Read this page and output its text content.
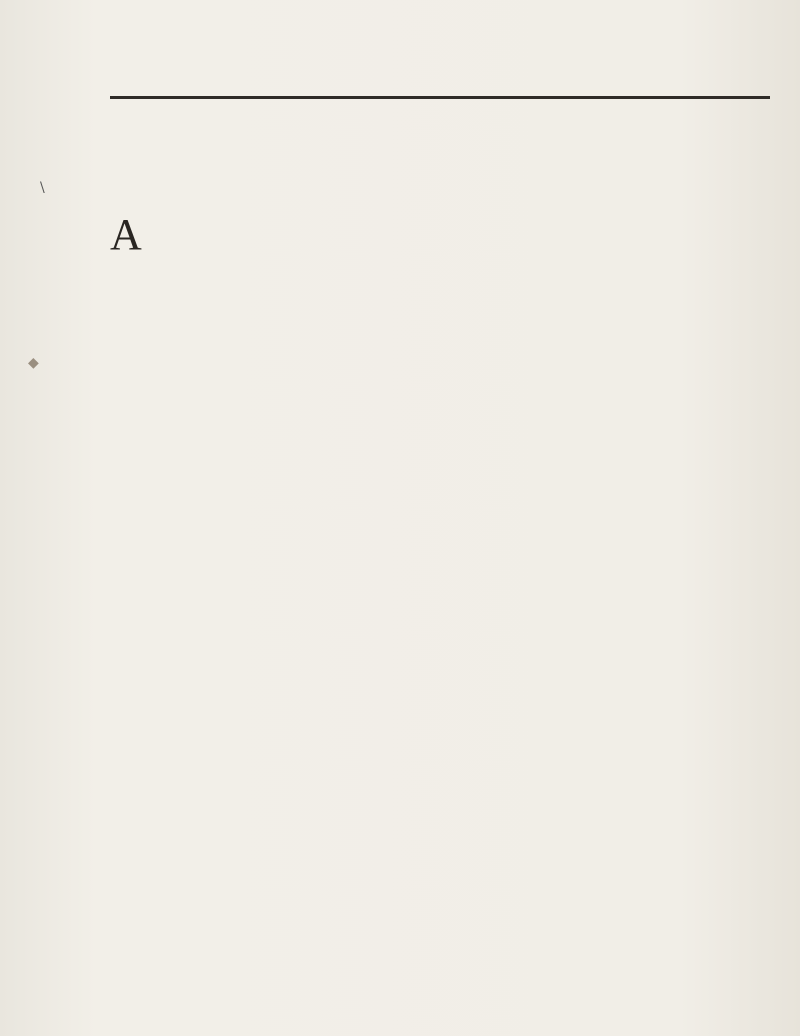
A

\
◆
